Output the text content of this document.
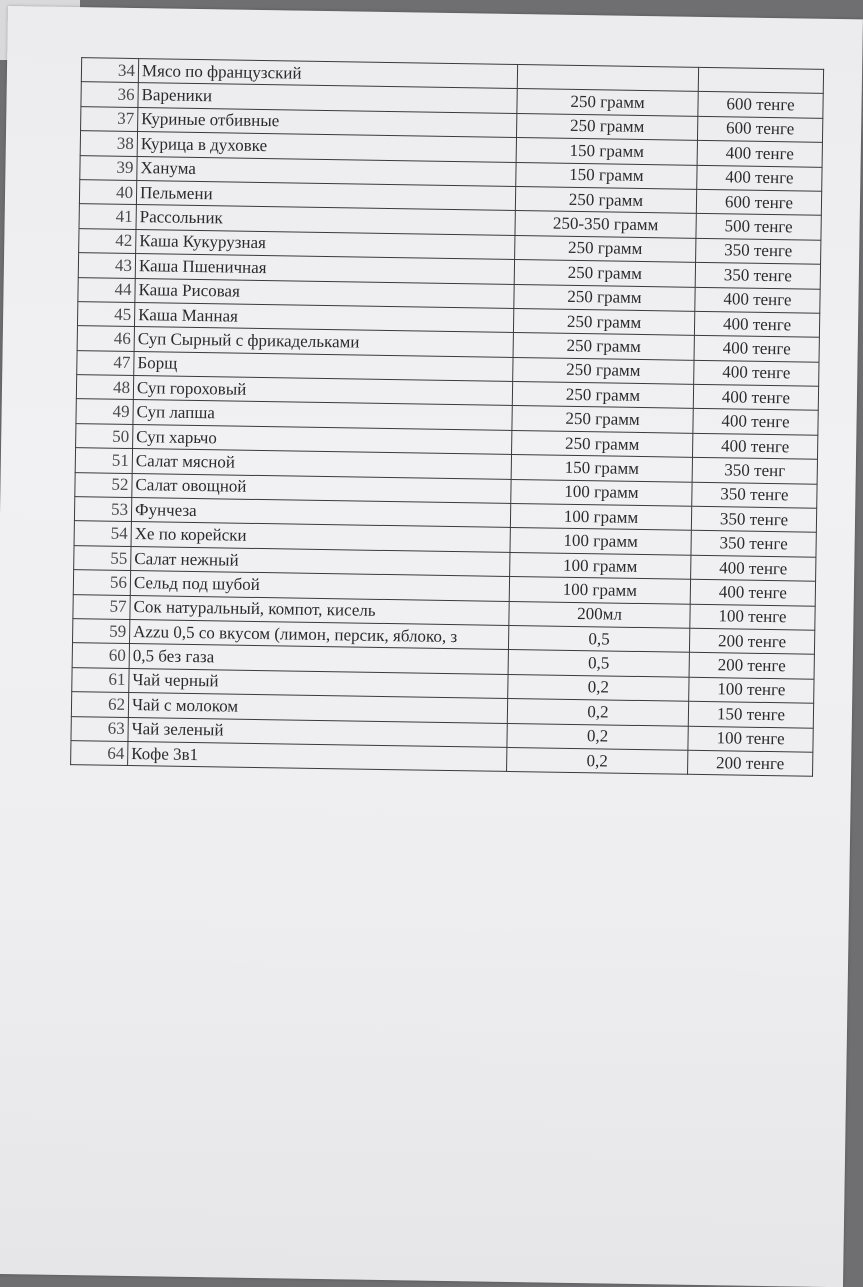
34	Мясо по французский		
36	Вареники	250 грамм	600 тенге
37	Куриные отбивные	250 грамм	600 тенге
38	Курица в духовке	150 грамм	400 тенге
39	Ханума	150 грамм	400 тенге
40	Пельмени	250 грамм	600 тенге
41	Рассольник	250-350 грамм	500 тенге
42	Каша Кукурузная	250 грамм	350 тенге
43	Каша Пшеничная	250 грамм	350 тенге
44	Каша Рисовая	250 грамм	400 тенге
45	Каша Манная	250 грамм	400 тенге
46	Суп Сырный с фрикадельками	250 грамм	400 тенге
47	Борщ	250 грамм	400 тенге
48	Суп гороховый	250 грамм	400 тенге
49	Суп лапша	250 грамм	400 тенге
50	Суп харьчо	250 грамм	400 тенге
51	Салат мясной	150 грамм	350 тенг
52	Салат овощной	100 грамм	350 тенге
53	Фунчеза	100 грамм	350 тенге
54	Хе по корейски	100 грамм	350 тенге
55	Салат нежный	100 грамм	400 тенге
56	Сельд под шубой	100 грамм	400 тенге
57	Сок натуральный, компот, кисель	200мл	100 тенге
59	Azzu 0,5 со вкусом (лимон, персик, яблоко, з	0,5	200 тенге
60	0,5 без газа	0,5	200 тенге
61	Чай черный	0,2	100 тенге
62	Чай с молоком	0,2	150 тенге
63	Чай зеленый	0,2	100 тенге
64	Кофе 3в1	0,2	200 тенге
